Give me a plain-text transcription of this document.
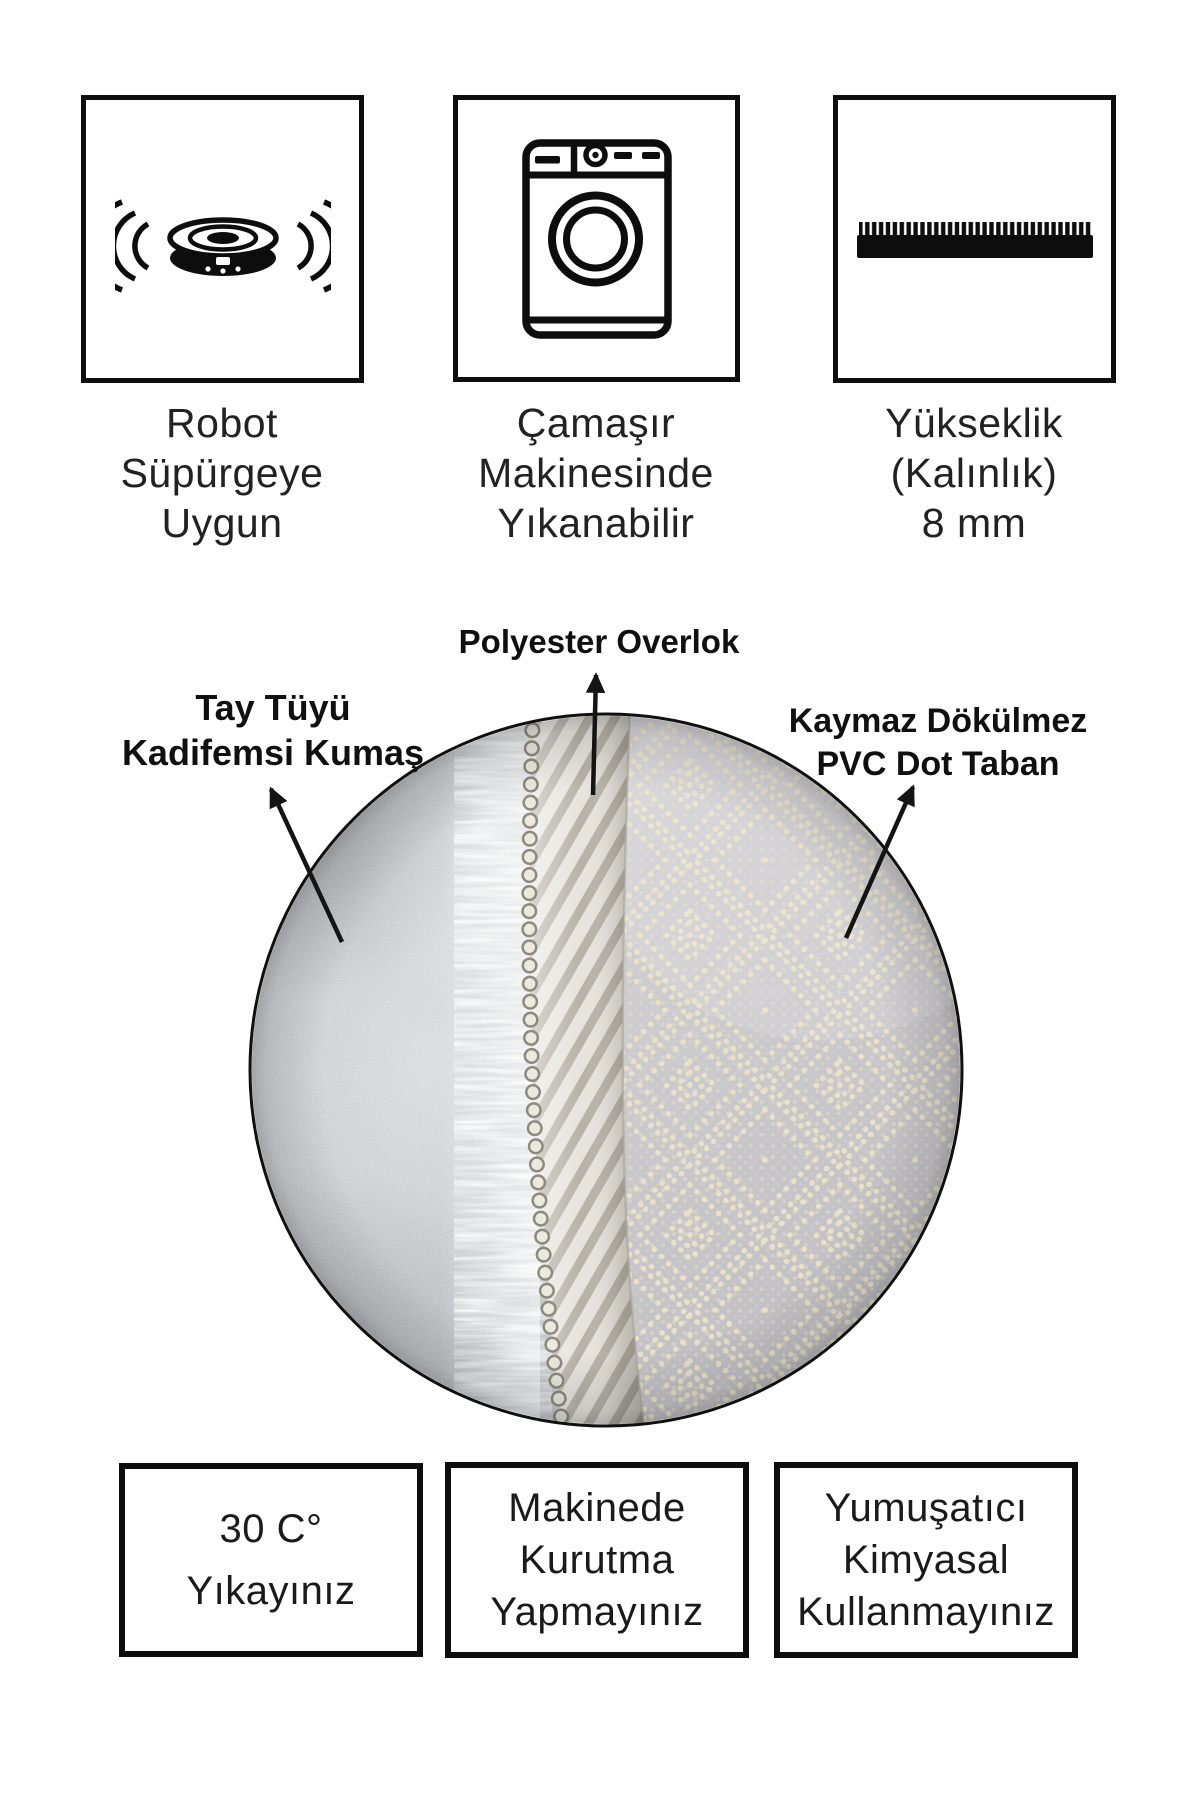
Robot
Süpürgeye
Uygun
Çamaşır
Makinesinde
Yıkanabilir
Yükseklik
(Kalınlık)
8 mm
Polyester Overlok
Tay Tüyü
Kadifemsi Kumaş
Kaymaz Dökülmez
PVC Dot Taban
30 C°
Yıkayınız
Makinede
Kurutma
Yapmayınız
Yumuşatıcı
Kimyasal
Kullanmayınız
